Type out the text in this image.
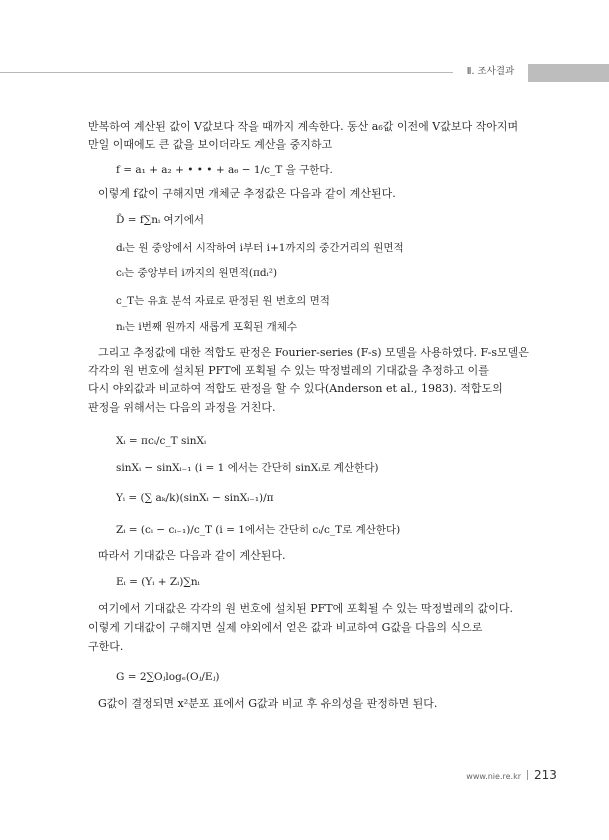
Ⅱ. 조사결과
반복하여 계산된 값이 V값보다 작을 때까지 계속한다. 동산 a₆값 이전에 V값보다 작아지며
만일 이때에도 큰 값을 보이더라도 계산을 중지하고
f = a₁ + a₂ + • • • + a₆ − 1/c_T 을 구한다.
이렇게 f값이 구해지면 개체군 추정값은 다음과 같이 계산된다.
D̂ = f∑nᵢ 여기에서
dᵢ는 원 중앙에서 시작하여 i부터 i+1까지의 중간거리의 원면적
cᵢ는 중앙부터 i까지의 원면적(πdᵢ²)
c_T는 유효 분석 자료로 판정된 원 번호의 면적
nᵢ는 i번째 원까지 새롭게 포획된 개체수
그리고 추정값에 대한 적합도 판정은 Fourier-series (F-s) 모델을 사용하였다. F-s모델은
각각의 원 번호에 설치된 PFT에 포획될 수 있는 딱정벌레의 기대값을 추정하고 이를
다시 야외값과 비교하여 적합도 판정을 할 수 있다(Anderson et al., 1983). 적합도의
판정을 위해서는 다음의 과정을 거친다.
Xᵢ = πcᵢ/c_T sinXᵢ
sinXᵢ − sinXᵢ₋₁ (i = 1 에서는 간단히 sinXᵢ로 계산한다)
Yᵢ = (∑ aₖ/k)(sinXᵢ − sinXᵢ₋₁)/π
Zᵢ = (cᵢ − cᵢ₋₁)/c_T (i = 1에서는 간단히 cᵢ/c_T로 계산한다)
따라서 기대값은 다음과 같이 계산된다.
Eᵢ = (Yᵢ + Zᵢ)∑nᵢ
여기에서 기대값은 각각의 원 번호에 설치된 PFT에 포획될 수 있는 딱정벌레의 값이다.
이렇게 기대값이 구해지면 실제 야외에서 얻은 값과 비교하여 G값을 다음의 식으로
구한다.
G = 2∑Oⱼlogₑ(Oⱼ/Eⱼ)
G값이 결정되면 x²분포 표에서 G값과 비교 후 유의성을 판정하면 된다.
www.nie.re.kr 213
